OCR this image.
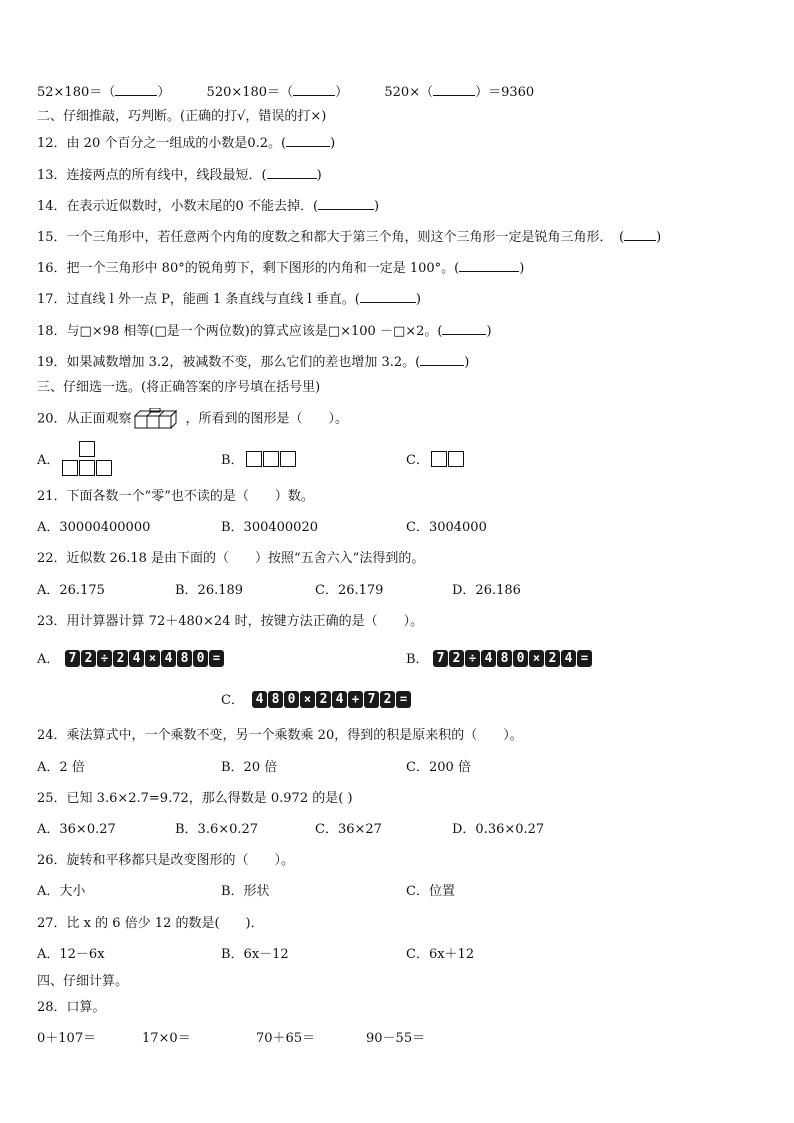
52×180＝（	）	520×180＝（	）	520×（	）＝9360
二、仔细推敲，巧判断。(正确的打√，错误的打×)
12．由 20 个百分之一组成的小数是0.2。(	)
13．连接两点的所有线中，线段最短．(	)
14．在表示近似数时，小数末尾的0 不能去掉．(	)
15．一个三角形中，若任意两个内角的度数之和都大于第三个角，则这个三角形一定是锐角三角形．　( )
16．把一个三角形中 80°的锐角剪下，剩下图形的内角和一定是 100°。(	)
17．过直线 l 外一点 P，能画 1 条直线与直线 l 垂直。(	)
18．与□×98 相等(□是一个两位数)的算式应该是□×100 －□×2。(	)
19．如果减数增加 3.2，被减数不变，那么它们的差也增加 3.2。(	)
三、仔细选一选。(将正确答案的序号填在括号里)
20．从正面观察	，所看到的图形是（　　）。
A．	B．	C．
21．下面各数一个“零”也不读的是（　　）数。
A．30000400000	B．300400020	C．3004000
22．近似数 26.18 是由下面的（　　）按照“五舍六入”法得到的。
A．26.175	B．26.189	C．26.179	D．26.186
23．用计算器计算 72＋480×24 时，按键方法正确的是（　　）。
A． 7 2 ÷ 2 4 × 4 8 0 =	B． 7 2 ÷ 4 8 0 × 2 4 =
C． 4 8 0 × 2 4 + 7 2 =
24．乘法算式中，一个乘数不变，另一个乘数乘 20，得到的积是原来积的（　　）。
A．2 倍	B．20 倍	C．200 倍
25．已知 3.6×2.7=9.72，那么得数是 0.972 的是( )
A．36×0.27	B．3.6×0.27	C．36×27	D．0.36×0.27
26．旋转和平移都只是改变图形的（　　）。
A．大小	B．形状	C．位置
27．比 x 的 6 倍少 12 的数是(　　)．
A．12－6x	B．6x－12	C．6x＋12
四、仔细计算。
28．口算。
0＋107＝	17×0＝	70＋65＝	90－55＝
